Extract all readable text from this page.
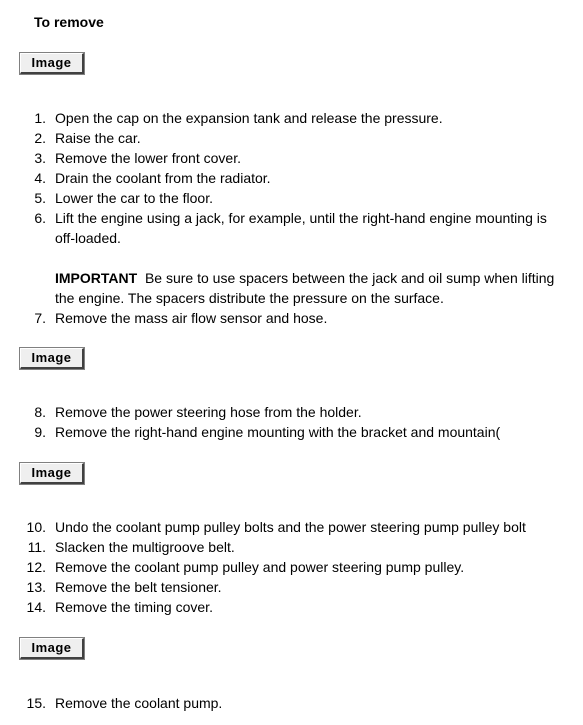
To remove
Image
1. Open the cap on the expansion tank and release the pressure.
2. Raise the car.
3. Remove the lower front cover.
4. Drain the coolant from the radiator.
5. Lower the car to the floor.
6. Lift the engine using a jack, for example, until the right-hand engine mounting is off-loaded.
IMPORTANT Be sure to use spacers between the jack and oil sump when lifting the engine. The spacers distribute the pressure on the surface.
7. Remove the mass air flow sensor and hose.
Image
8. Remove the power steering hose from the holder.
9. Remove the right-hand engine mounting with the bracket and mountain(
Image
10. Undo the coolant pump pulley bolts and the power steering pump pulley bolt
11. Slacken the multigroove belt.
12. Remove the coolant pump pulley and power steering pump pulley.
13. Remove the belt tensioner.
14. Remove the timing cover.
Image
15. Remove the coolant pump.
